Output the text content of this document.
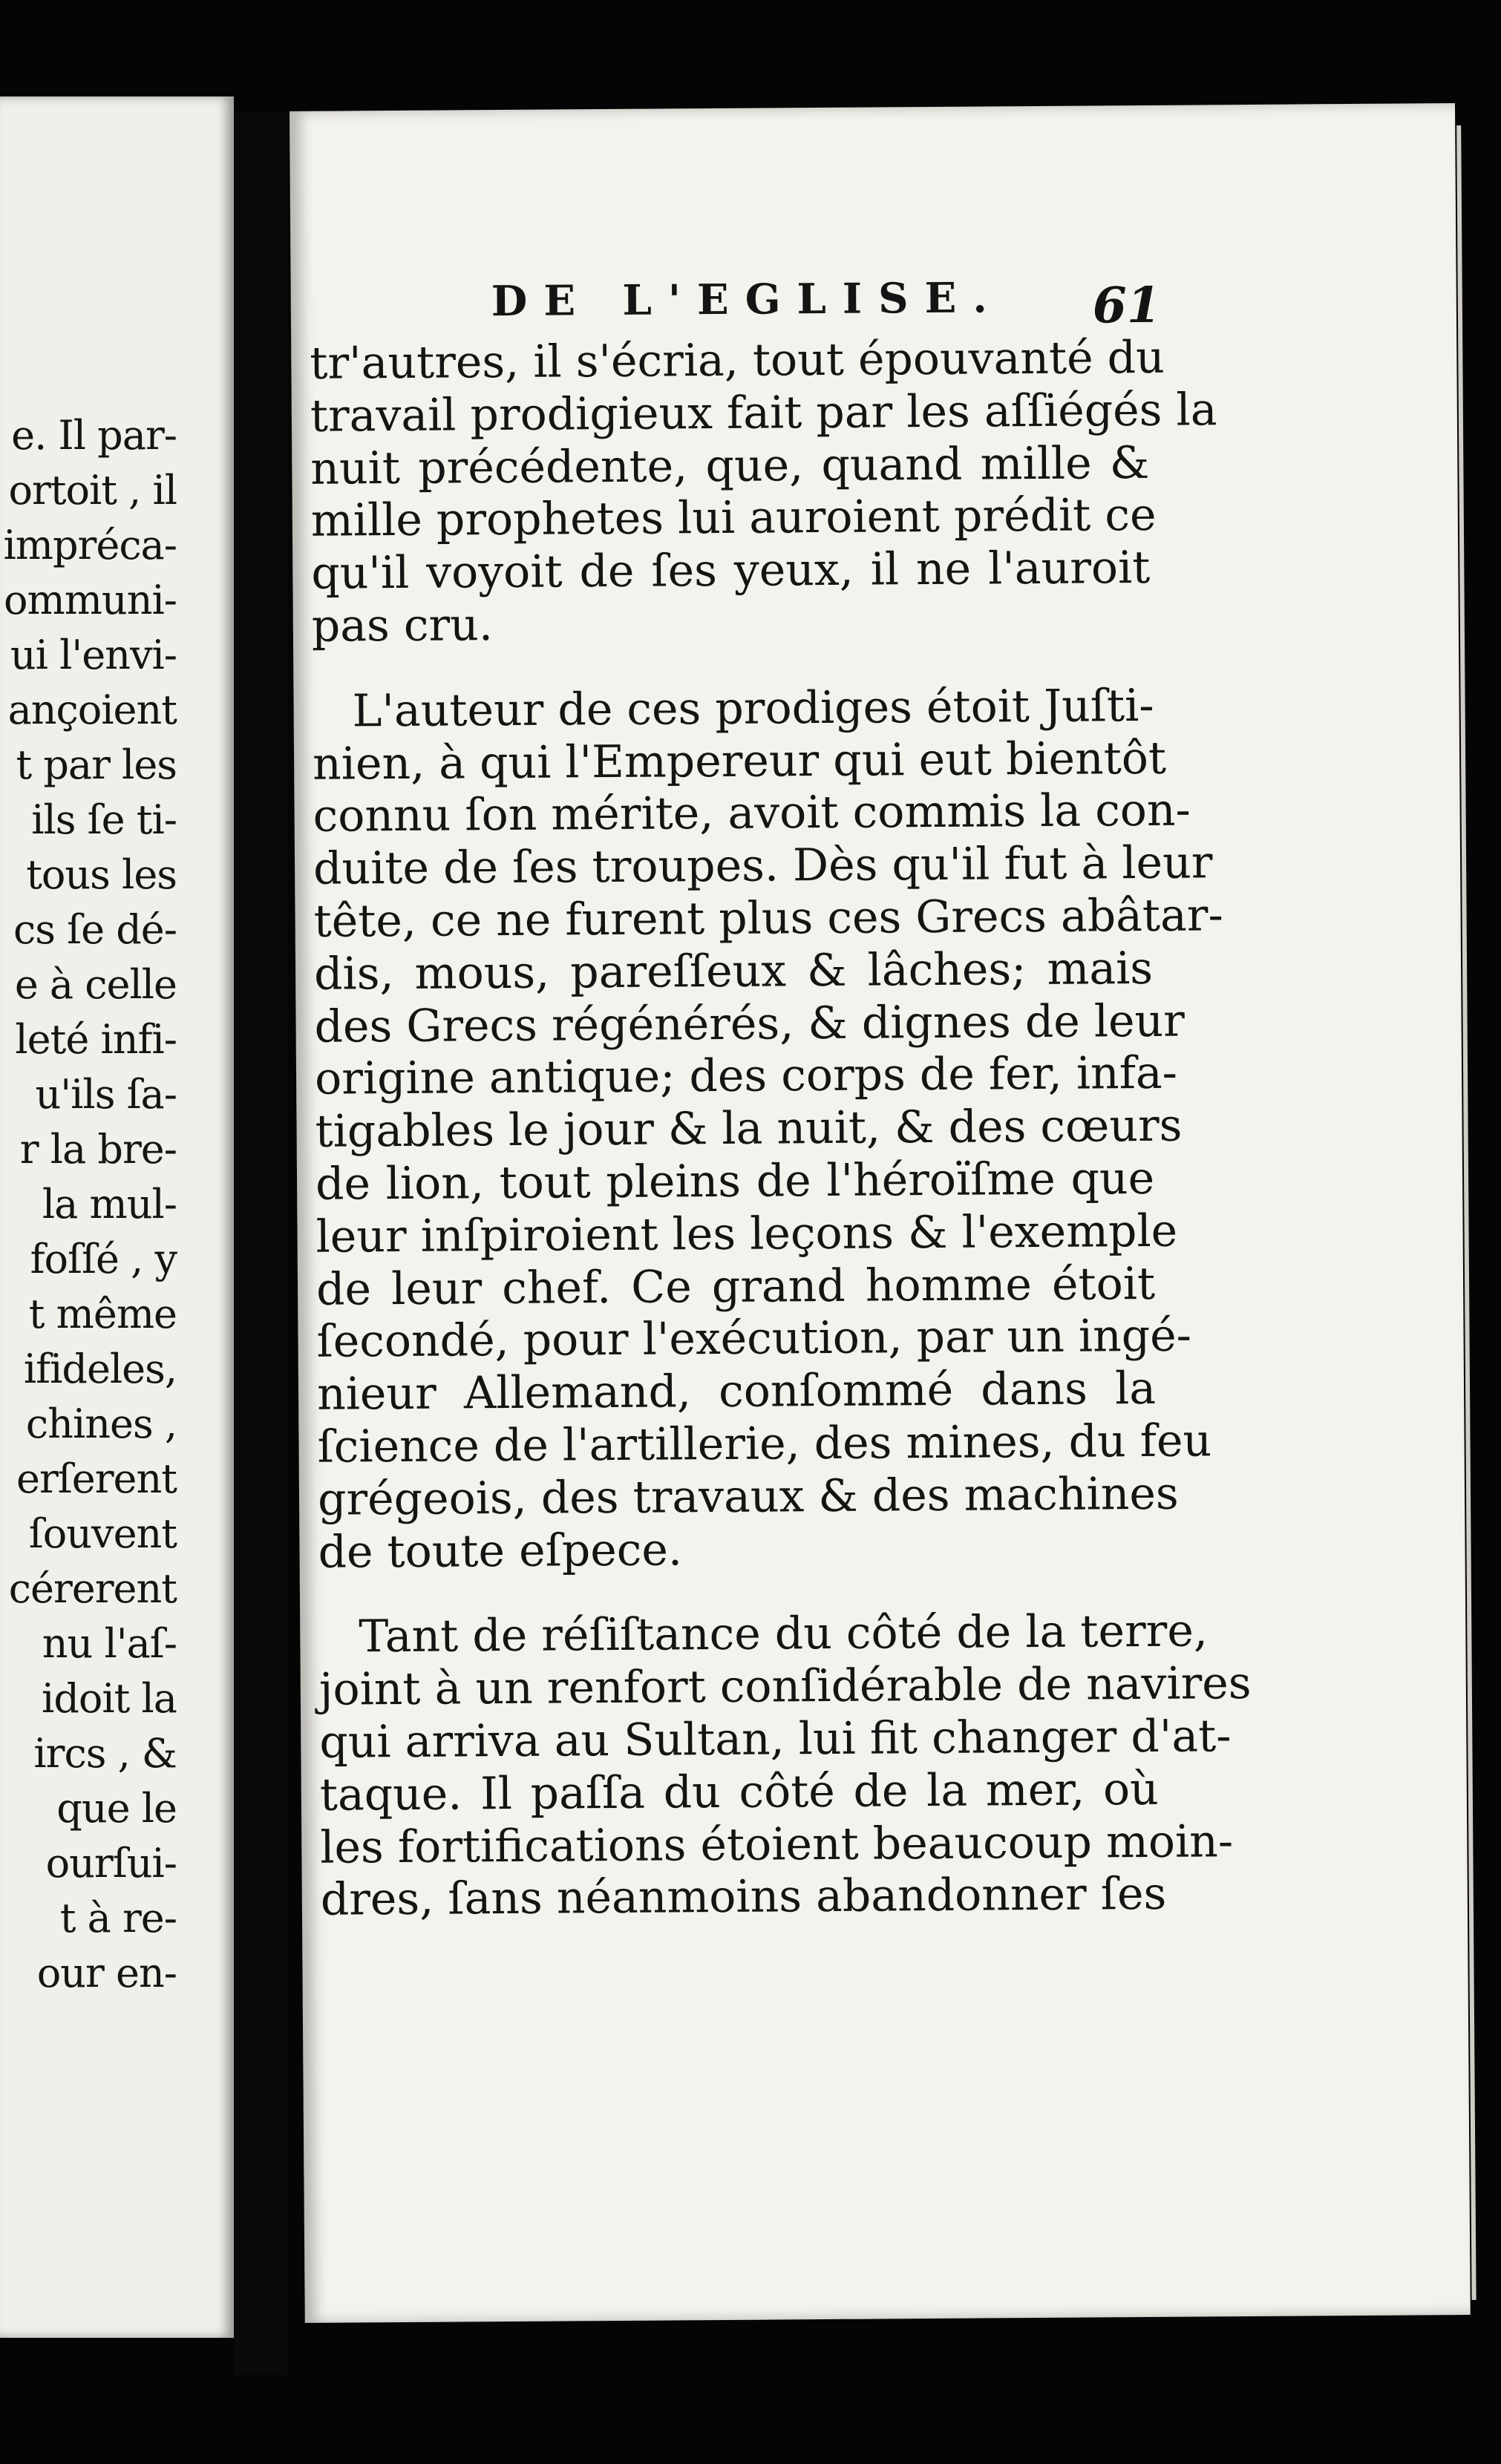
e. Il par-
ortoit , il
impréca-
ommuni-
ui l'envi-
ançoient
t par les
ils ſe ti-
tous les
cs ſe dé-
e à celle
leté infi-
u'ils ſa-
r la bre-
la mul-
foſſé , y
t même
ifideles,
chines ,
erſerent
ſouvent
cérerent
nu l'aſ-
idoit la
ircs , &
que le
ourſui-
t à re-
our en-
DE L'EGLISE. 61
tr'autres, il s'écria, tout épouvanté du
travail prodigieux fait par les aſſiégés la
nuit précédente, que, quand mille &
mille prophetes lui auroient prédit ce
qu'il voyoit de ſes yeux, il ne l'auroit
pas cru.
L'auteur de ces prodiges étoit Juſti-
nien, à qui l'Empereur qui eut bientôt
connu ſon mérite, avoit commis la con-
duite de ſes troupes. Dès qu'il fut à leur
tête, ce ne furent plus ces Grecs abâtar-
dis, mous, pareſſeux & lâches; mais
des Grecs régénérés, & dignes de leur
origine antique; des corps de fer, infa-
tigables le jour & la nuit, & des cœurs
de lion, tout pleins de l'héroïſme que
leur inſpiroient les leçons & l'exemple
de leur chef. Ce grand homme étoit
ſecondé, pour l'exécution, par un ingé-
nieur Allemand, conſommé dans la
ſcience de l'artillerie, des mines, du feu
grégeois, des travaux & des machines
de toute eſpece.
Tant de réſiſtance du côté de la terre,
joint à un renfort conſidérable de navires
qui arriva au Sultan, lui fit changer d'at-
taque. Il paſſa du côté de la mer, où
les fortifications étoient beaucoup moin-
dres, ſans néanmoins abandonner ſes
